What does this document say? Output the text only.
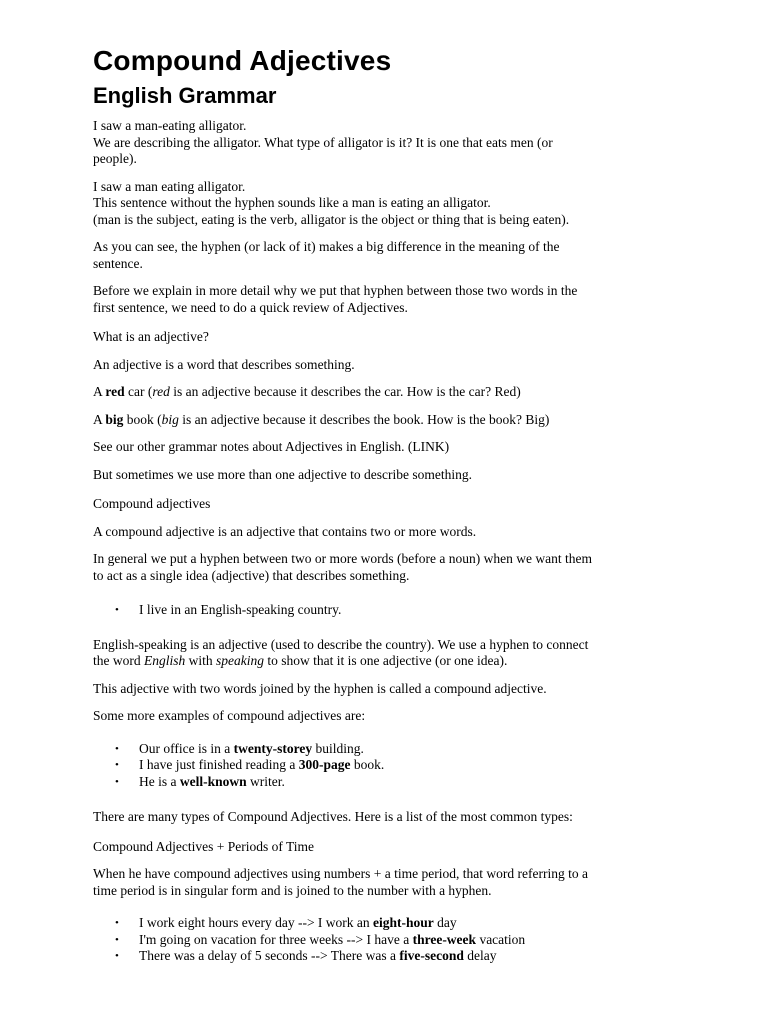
Compound Adjectives
English Grammar
I saw a man-eating alligator.
We are describing the alligator. What type of alligator is it? It is one that eats men (or
people).
I saw a man eating alligator.
This sentence without the hyphen sounds like a man is eating an alligator.
(man is the subject, eating is the verb, alligator is the object or thing that is being eaten).
As you can see, the hyphen (or lack of it) makes a big difference in the meaning of the
sentence.
Before we explain in more detail why we put that hyphen between those two words in the
first sentence, we need to do a quick review of Adjectives.
What is an adjective?
An adjective is a word that describes something.
A red car (red is an adjective because it describes the car. How is the car? Red)
A big book (big is an adjective because it describes the book. How is the book? Big)
See our other grammar notes about Adjectives in English. (LINK)
But sometimes we use more than one adjective to describe something.
Compound adjectives
A compound adjective is an adjective that contains two or more words.
In general we put a hyphen between two or more words (before a noun) when we want them
to act as a single idea (adjective) that describes something.
• I live in an English-speaking country.
English-speaking is an adjective (used to describe the country). We use a hyphen to connect
the word English with speaking to show that it is one adjective (or one idea).
This adjective with two words joined by the hyphen is called a compound adjective.
Some more examples of compound adjectives are:
• Our office is in a twenty-storey building.
• I have just finished reading a 300-page book.
• He is a well-known writer.
There are many types of Compound Adjectives. Here is a list of the most common types:
Compound Adjectives + Periods of Time
When he have compound adjectives using numbers + a time period, that word referring to a
time period is in singular form and is joined to the number with a hyphen.
• I work eight hours every day --> I work an eight-hour day
• I'm going on vacation for three weeks --> I have a three-week vacation
• There was a delay of 5 seconds --> There was a five-second delay
